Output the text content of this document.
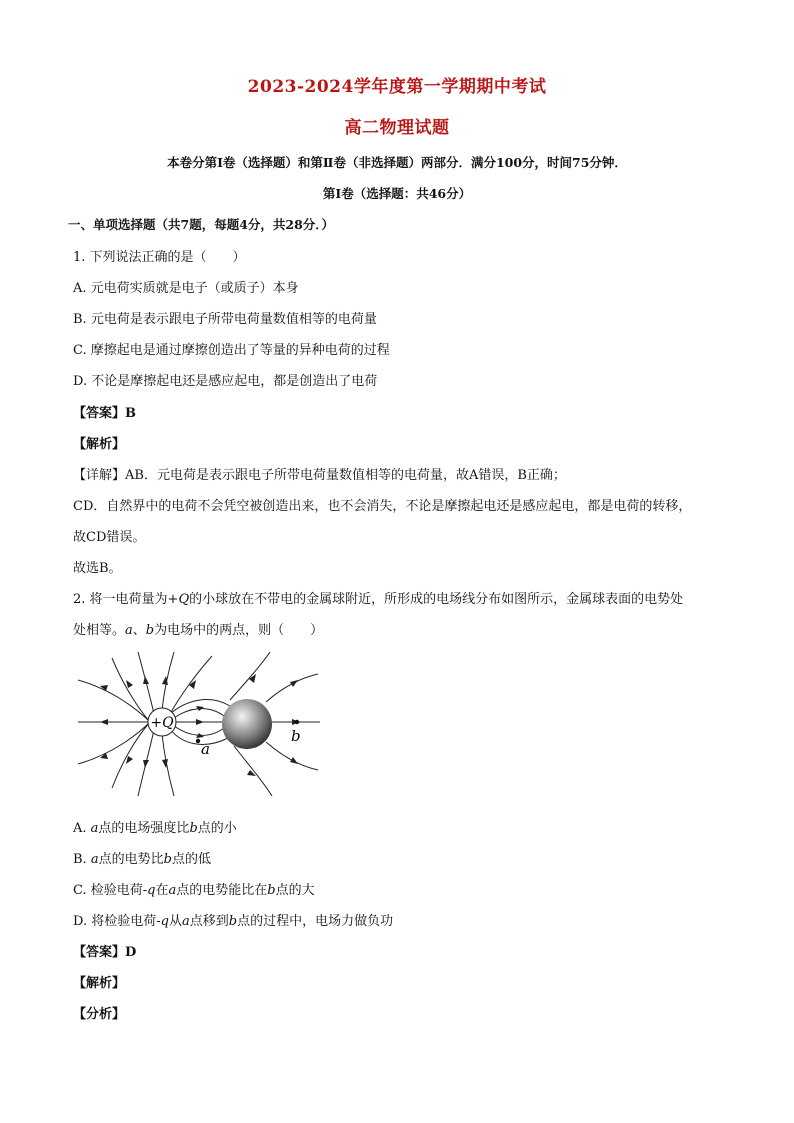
2023-2024学年度第一学期期中考试
高二物理试题
本卷分第Ⅰ卷（选择题）和第Ⅱ卷（非选择题）两部分．满分100分，时间75分钟．
第Ⅰ卷（选择题：共46分）
一、单项选择题（共7题，每题4分，共28分．）
1. 下列说法正确的是（　　）
A. 元电荷实质就是电子（或质子）本身
B. 元电荷是表示跟电子所带电荷量数值相等的电荷量
C. 摩擦起电是通过摩擦创造出了等量的异种电荷的过程
D. 不论是摩擦起电还是感应起电，都是创造出了电荷
【答案】B
【解析】
【详解】AB．元电荷是表示跟电子所带电荷量数值相等的电荷量，故A错误，B正确；
CD．自然界中的电荷不会凭空被创造出来，也不会消失，不论是摩擦起电还是感应起电，都是电荷的转移，
故CD错误。
故选B。
2. 将一电荷量为+Q的小球放在不带电的金属球附近，所形成的电场线分布如图所示，金属球表面的电势处
处相等。a、b为电场中的两点，则（　　）
+Q
a
b
A. a点的电场强度比b点的小
B. a点的电势比b点的低
C. 检验电荷-q在a点的电势能比在b点的大
D. 将检验电荷-q从a点移到b点的过程中，电场力做负功
【答案】D
【解析】
【分析】
